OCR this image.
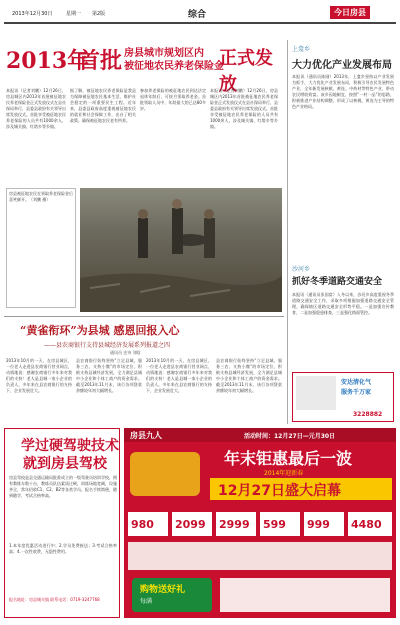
2013年12月30日	星期一 第2版	综合	今日房县
2013年
首批 房县城市规划区内
被征地农民养老保险金
正式发放
本报讯（记者刘鹏）12月26日，房县城区内2013年首批被征地农民养老保险金正式发放仪式在县社保局举行，县委县政府有关领导出席发放仪式。首批享受被征地农民养老保险的人员共有1000余人，涉及城关镇、红塔乡等乡镇。
据了解，被征地农民养老保险是我县为保障被征地农民基本生活、维护社会稳定的一项重要民生工程。近年来，县委县政府高度重视被征地农民的就业和社会保障工作，出台了相关政策，确保被征地农民老有所养。
参加养老保险的被征地农民到达法定退休年龄后，可按月领取养老金。首批领取人员中，年龄最大的已达80多岁。
本报讯（记者刘鹏）12月26日，房县城区内2013年首批被征地农民养老保险金正式发放仪式在县社保局举行，县委县政府有关领导出席发放仪式。首批享受被征地农民养老保险的人员共有1000余人，涉及城关镇、红塔乡等乡镇。
房县被征地农民在领取养老保险金后喜笑颜开。（刘鹏 摄）
“黄雀衔环”为县城 感恩回报入心
——县农商银行支持县城经济发展系列报道之四
通讯员 史诗 刘晗
2013年10月的一天，在房县城区，一位老人走进县农商银行营业网点，动情地说：感谢农商银行多年来对我们的支持！老人是县城一家小企业的负责人，多年来在县农商银行的支持下，企业发展壮大。
县农商银行始终坚持“立足县域、服务三农、支持小微”的市场定位，积极支持县城经济发展，全力满足县城中小企业和个体工商户的资金需求。截至2013年11月末，该行各项贷款余额较年初大幅增长。
2013年10月的一天，在房县城区，一位老人走进县农商银行营业网点，动情地说：感谢农商银行多年来对我们的支持！老人是县城一家小企业的负责人，多年来在县农商银行的支持下，企业发展壮大。
县农商银行始终坚持“立足县域、服务三农、支持小微”的市场定位，积极支持县城经济发展，全力满足县城中小企业和个体工商户的资金需求。截至2013年11月末，该行各项贷款余额较年初大幅增长。
上龛乡
大力优化产业发展布局
本报讯（通讯员陈刚）2013年，上龛乡坚持以产业发展为抓手，大力优化产业发展布局，积极引导农民发展特色产业，全年新发展核桃、黄连、中药材等特色产业，带动农民增收致富。该乡因地制宜，按照“一村一品”的思路，积极推进产业结构调整，形成了以核桃、黄连为主导的特色产业格局。
沙河乡
抓好冬季道路交通安全
本报讯（通讯员张国富）入冬以来，沙河乡高度重视冬季道路交通安全工作，采取多项措施加强道路交通安全管理，确保辖区道路交通安全形势平稳。一是加强宣传教育，二是加强隐患排查，三是强化路面管控。
安达清化气
服务千万家
3228882
学过硬驾驶技术
就到房县驾校
房县驾校是县交通运输局批准成立的一级驾驶员培训学校，拥有教练车数十台，教练员队伍素质过硬，训练场地宽阔，设施齐全，常年招收C1、C2、B2等各类学员。报名手续简便，随到随学，考试合格率高。
1.本年度优惠活动进行中；2.学员免费接送；3.考试合格率高；4.一次性收费，无隐性费用。
报名地址：房县城关镇 联系电话：0719-3247768
房县九人	活动时间：12月27日—元月30日
年末钜惠最后一波
2014年迎新春
12月27日盛大启幕
980	2099	2999	599	999	4480
购物送好礼
每满
